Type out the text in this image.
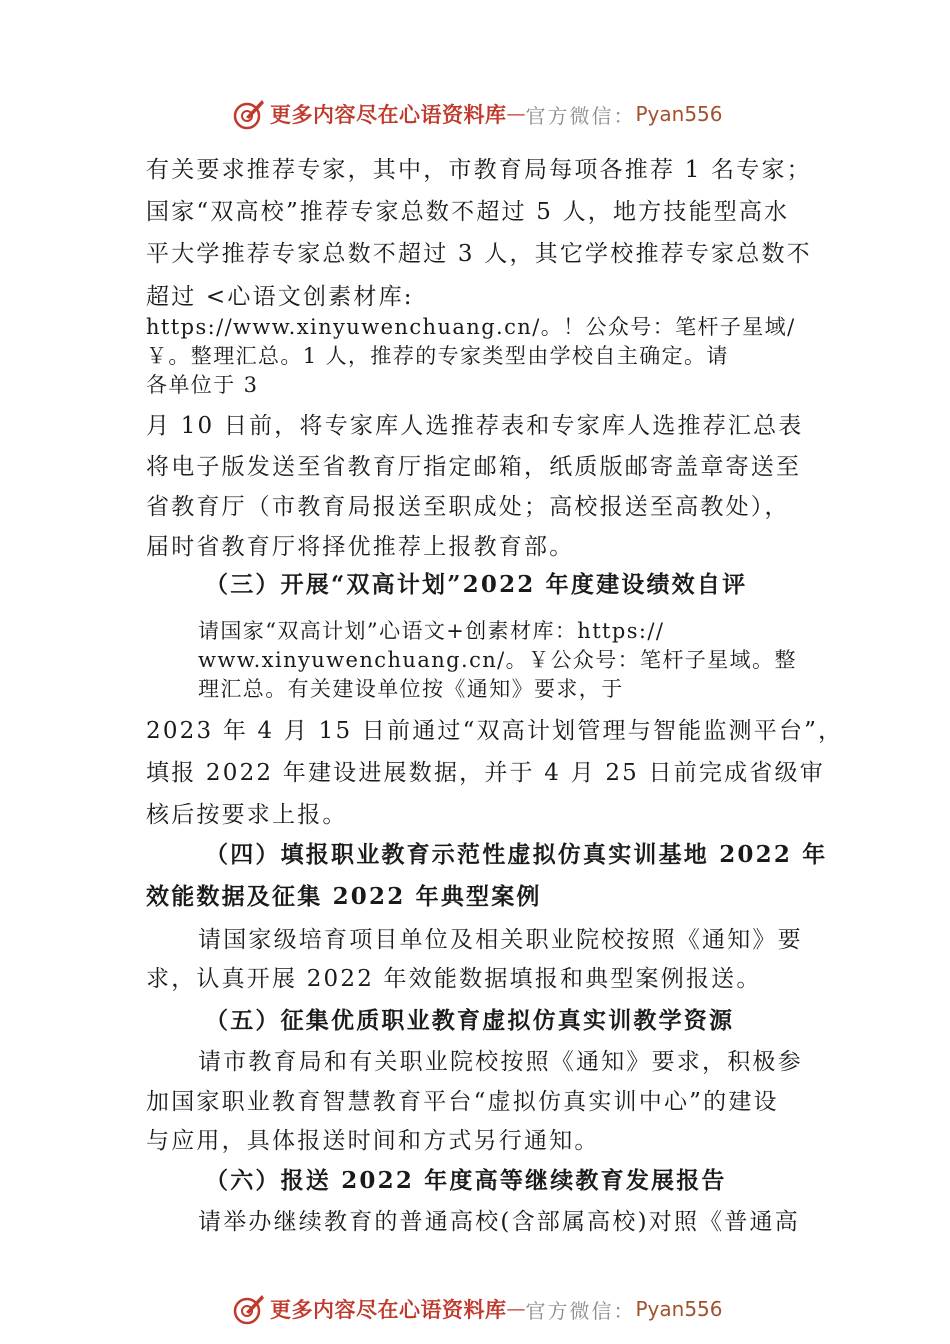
更多内容尽在心语资料库 — 官方微信： Pyan556
有关要求推荐专家，其中，市教育局每项各推荐 1 名专家；
国家“双高校”推荐专家总数不超过 5 人，地方技能型高水
平大学推荐专家总数不超过 3 人，其它学校推荐专家总数不
超过 <心语文创素材库:
https://www.xinyuwenchuang.cn/。！公众号：笔杆子星域/
￥。整理汇总。1 人，推荐的专家类型由学校自主确定。请
各单位于 3
月 10 日前，将专家库人选推荐表和专家库人选推荐汇总表
将电子版发送至省教育厅指定邮箱，纸质版邮寄盖章寄送至
省教育厅（市教育局报送至职成处；高校报送至高教处），
届时省教育厅将择优推荐上报教育部。
（三）开展“双高计划”2022 年度建设绩效自评
请国家“双高计划”心语文+创素材库：https://
www.xinyuwenchuang.cn/。￥公众号：笔杆子星域。整
理汇总。有关建设单位按《通知》要求，于
2023 年 4 月 15 日前通过“双高计划管理与智能监测平台”，
填报 2022 年建设进展数据，并于 4 月 25 日前完成省级审
核后按要求上报。
（四）填报职业教育示范性虚拟仿真实训基地 2022 年
效能数据及征集 2022 年典型案例
请国家级培育项目单位及相关职业院校按照《通知》要
求，认真开展 2022 年效能数据填报和典型案例报送。
（五）征集优质职业教育虚拟仿真实训教学资源
请市教育局和有关职业院校按照《通知》要求，积极参
加国家职业教育智慧教育平台“虚拟仿真实训中心”的建设
与应用，具体报送时间和方式另行通知。
（六）报送 2022 年度高等继续教育发展报告
请举办继续教育的普通高校(含部属高校)对照《普通高
更多内容尽在心语资料库 — 官方微信： Pyan556
